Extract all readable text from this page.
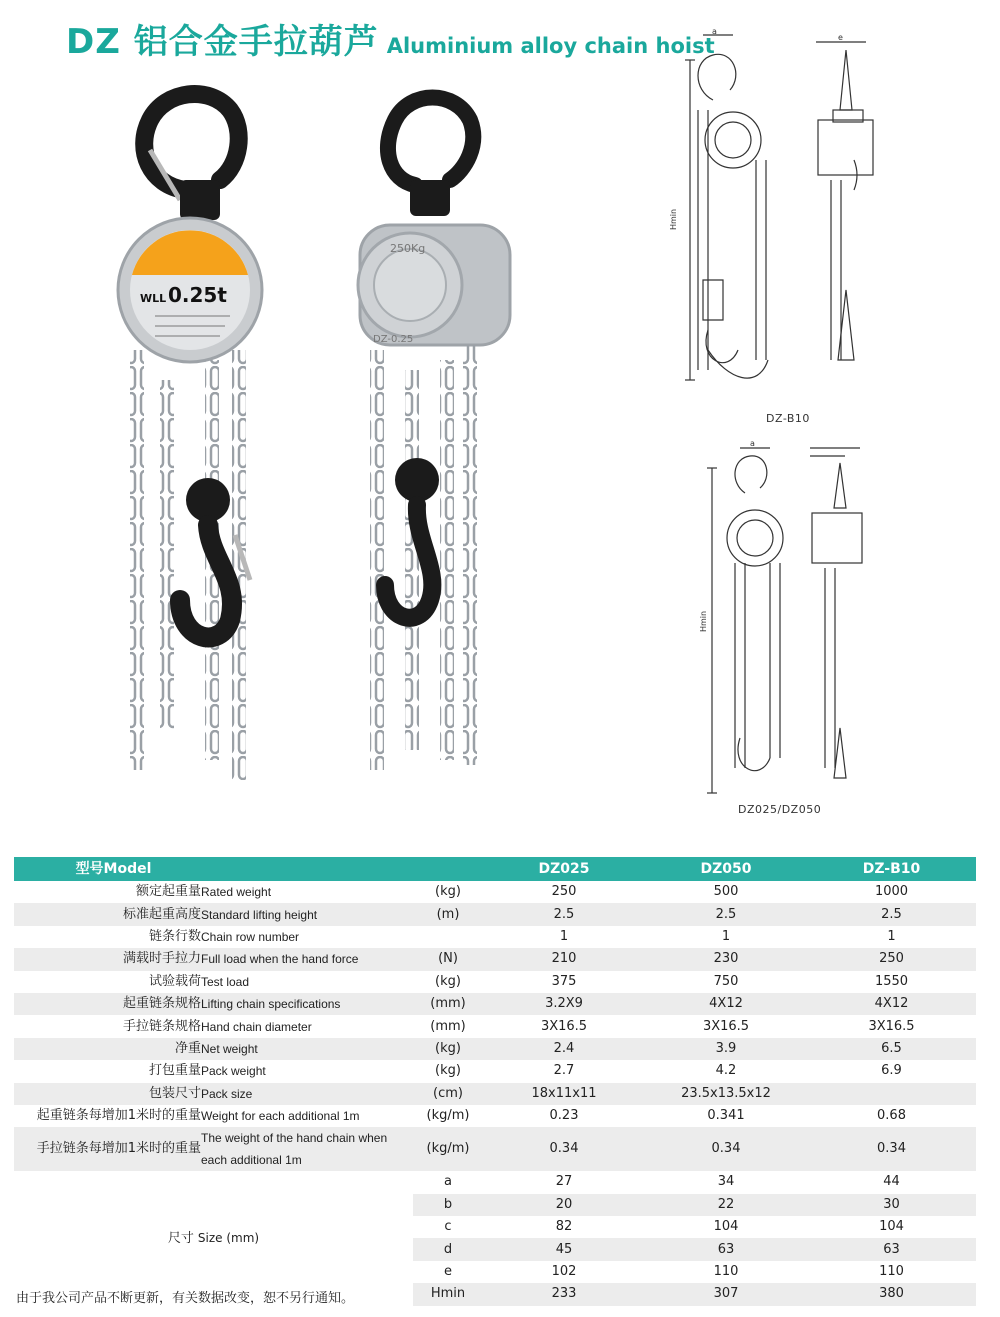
DZ 铝合金手拉葫芦 Aluminium alloy chain hoist
WLL 0.25t
250Kg
DZ-0.25
a
e
Hmin
DZ-B10
a
Hmin
DZ025/DZ050
型号Model			DZ025	DZ050	DZ-B10
额定起重量	Rated weight	(kg)	250	500	1000
标准起重高度	Standard lifting height	(m)	2.5	2.5	2.5
链条行数	Chain row number		1	1	1
满载时手拉力	Full load when the hand force	(N)	210	230	250
试验载荷	Test load	(kg)	375	750	1550
起重链条规格	Lifting chain specifications	(mm)	3.2X9	4X12	4X12
手拉链条规格	Hand chain diameter	(mm)	3X16.5	3X16.5	3X16.5
净重	Net weight	(kg)	2.4	3.9	6.5
打包重量	Pack weight	(kg)	2.7	4.2	6.9
包装尺寸	Pack size	(cm)	18x11x11	23.5x13.5x12	
起重链条每增加1米时的重量	Weight for each additional 1m	(kg/m)	0.23	0.341	0.68
手拉链条每增加1米时的重量	The weight of the hand chain when each additional 1m	(kg/m)	0.34	0.34	0.34
尺寸 Size (mm)		a	27	34	44
		b	20	22	30
		c	82	104	104
		d	45	63	63
		e	102	110	110
		Hmin	233	307	380
由于我公司产品不断更新，有关数据改变，恕不另行通知。
